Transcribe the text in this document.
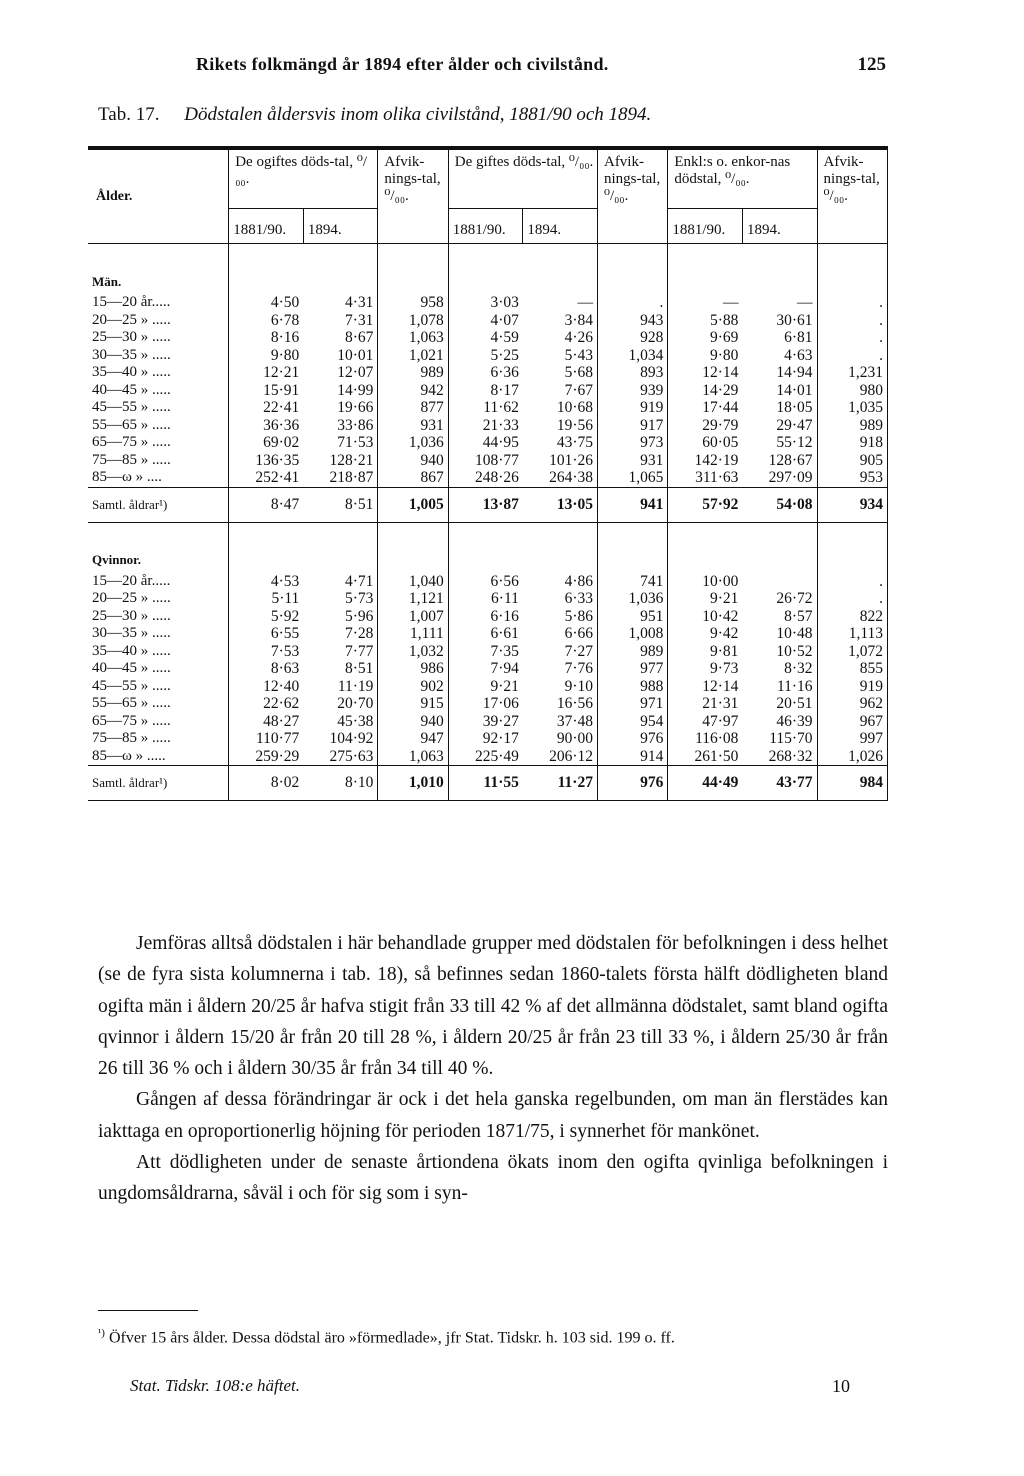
Rikets folkmängd år 1894 efter ålder och civilstånd.	125
Tab. 17. Dödstalen åldersvis inom olika civilstånd, 1881/90 och 1894.

Ålder.	De ogiftes döds-tal, ⁰/₀₀.		Afvik-nings-tal, ⁰/₀₀.	De giftes döds-tal, ⁰/₀₀.		Afvik-nings-tal, ⁰/₀₀.	Enkl:s o. enkor-nas dödstal, ⁰/₀₀.		Afvik-nings-tal, ⁰/₀₀.
	1881/90.	1894.		1881/90.	1894.		1881/90.	1894.	

Män.									
15—20 år.....	4·50	4·31	958	3·03	—	.	—	—	.
20—25 » .....	6·78	7·31	1,078	4·07	3·84	943	5·88	30·61	.
25—30 » .....	8·16	8·67	1,063	4·59	4·26	928	9·69	6·81	.
30—35 » .....	9·80	10·01	1,021	5·25	5·43	1,034	9·80	4·63	.
35—40 » .....	12·21	12·07	989	6·36	5·68	893	12·14	14·94	1,231
40—45 » .....	15·91	14·99	942	8·17	7·67	939	14·29	14·01	980
45—55 » .....	22·41	19·66	877	11·62	10·68	919	17·44	18·05	1,035
55—65 » .....	36·36	33·86	931	21·33	19·56	917	29·79	29·47	989
65—75 » .....	69·02	71·53	1,036	44·95	43·75	973	60·05	55·12	918
75—85 » .....	136·35	128·21	940	108·77	101·26	931	142·19	128·67	905
85—ω » ....	252·41	218·87	867	248·26	264·38	1,065	311·63	297·09	953
Samtl. åldrar¹)	8·47	8·51	1,005	13·87	13·05	941	57·92	54·08	934
Qvinnor.									
15—20 år.....	4·53	4·71	1,040	6·56	4·86	741	10·00		.
20—25 » .....	5·11	5·73	1,121	6·11	6·33	1,036	9·21	26·72	.
25—30 » .....	5·92	5·96	1,007	6·16	5·86	951	10·42	8·57	822
30—35 » .....	6·55	7·28	1,111	6·61	6·66	1,008	9·42	10·48	1,113
35—40 » .....	7·53	7·77	1,032	7·35	7·27	989	9·81	10·52	1,072
40—45 » .....	8·63	8·51	986	7·94	7·76	977	9·73	8·32	855
45—55 » .....	12·40	11·19	902	9·21	9·10	988	12·14	11·16	919
55—65 » .....	22·62	20·70	915	17·06	16·56	971	21·31	20·51	962
65—75 » .....	48·27	45·38	940	39·27	37·48	954	47·97	46·39	967
75—85 » .....	110·77	104·92	947	92·17	90·00	976	116·08	115·70	997
85—ω » .....	259·29	275·63	1,063	225·49	206·12	914	261·50	268·32	1,026
Samtl. åldrar¹)	8·02	8·10	1,010	11·55	11·27	976	44·49	43·77	984

Jemföras alltså dödstalen i här behandlade grupper med dödstalen för befolkningen i dess helhet (se de fyra sista kolumnerna i tab. 18), så befinnes sedan 1860-talets första hälft dödligheten bland ogifta män i åldern 20/25 år hafva stigit från 33 till 42 % af det allmänna dödstalet, samt bland ogifta qvinnor i åldern 15/20 år från 20 till 28 %, i åldern 20/25 år från 23 till 33 %, i åldern 25/30 år från 26 till 36 % och i åldern 30/35 år från 34 till 40 %.

Gången af dessa förändringar är ock i det hela ganska regelbunden, om man än flerstädes kan iakttaga en oproportionerlig höjning för perioden 1871/75, i synnerhet för mankönet.

Att dödligheten under de senaste årtiondena ökats inom den ogifta qvinliga befolkningen i ungdomsåldrarna, såväl i och för sig som i syn-

$^{^1)}$ Öfver 15 års ålder. Dessa dödstal äro »förmedlade», jfr Stat. Tidskr. h. 103 sid. 199 o. ff.
Stat. Tidskr. 108:e häftet.	10
